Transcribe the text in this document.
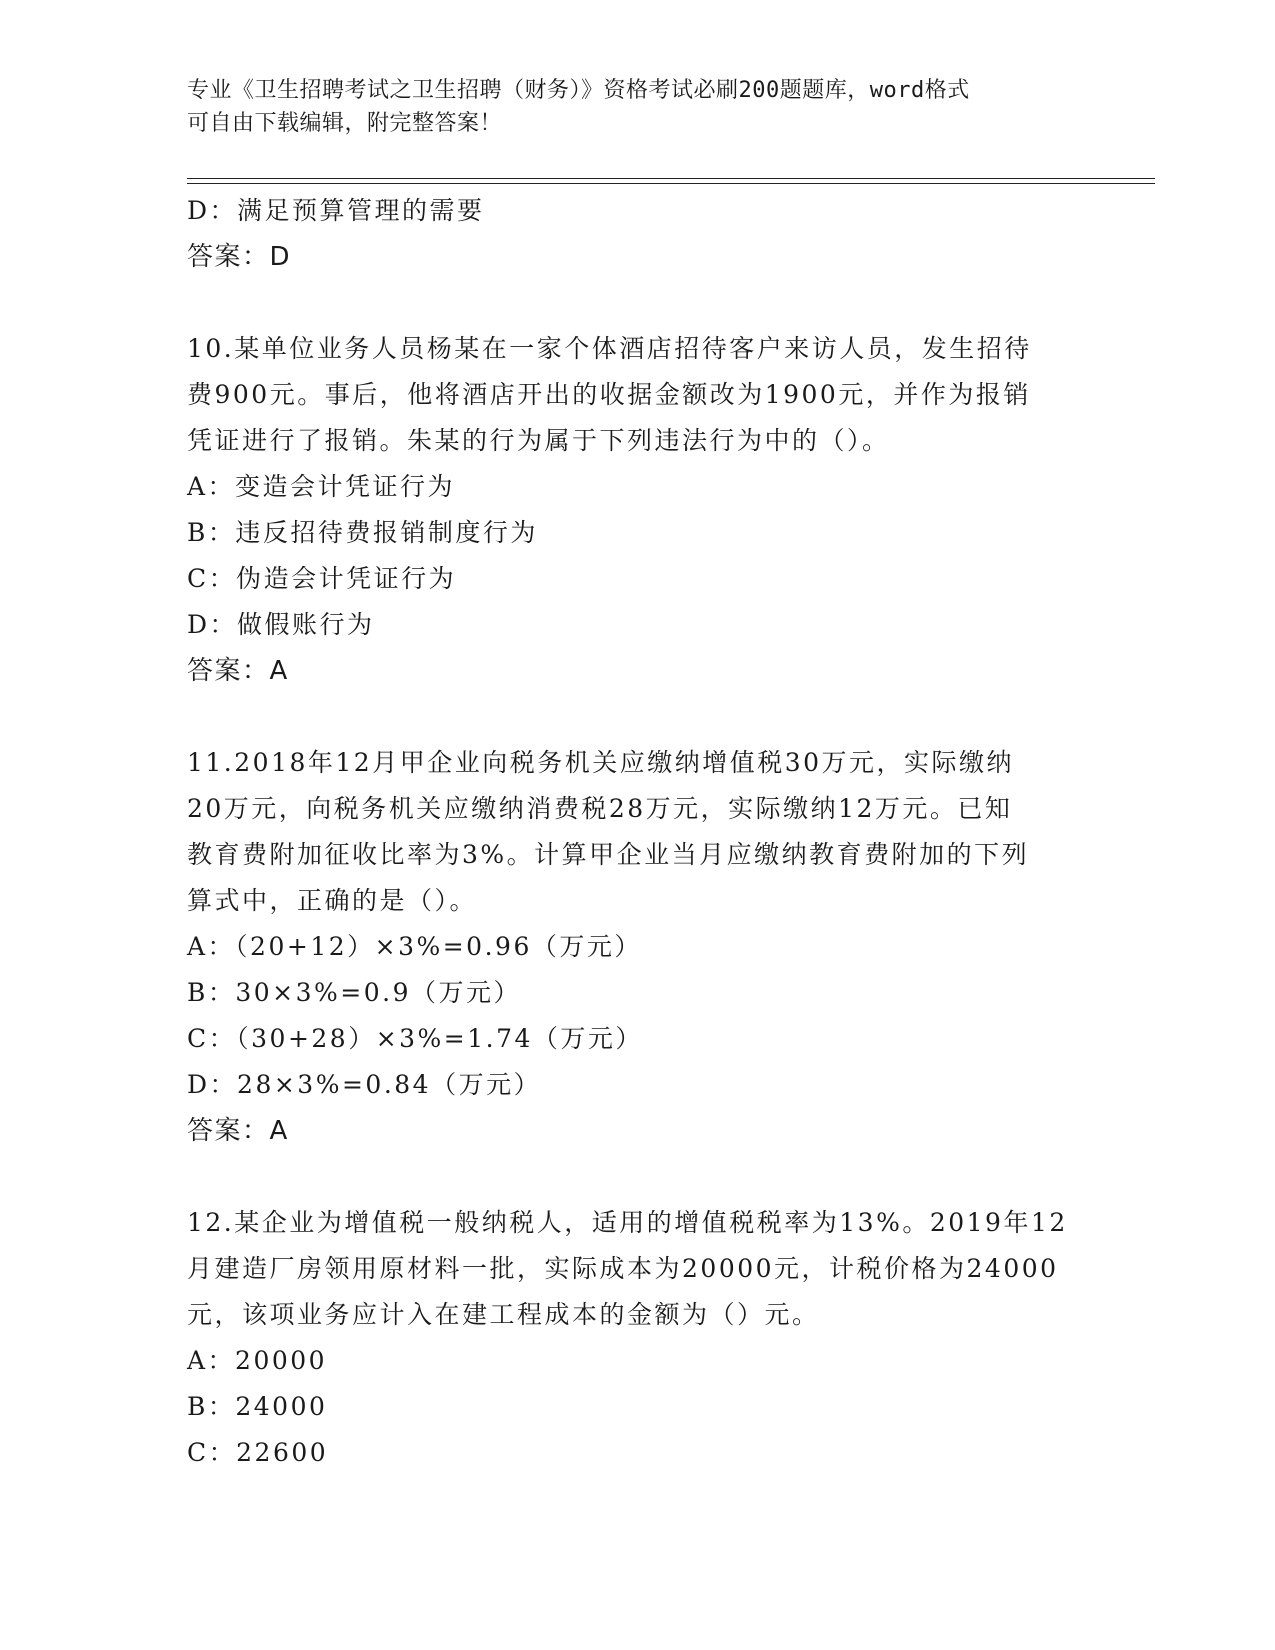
专业《卫生招聘考试之卫生招聘（财务）》资格考试必刷200题题库，word格式
可自由下载编辑，附完整答案！
D：满足预算管理的需要
答案：D
10.某单位业务人员杨某在一家个体酒店招待客户来访人员，发生招待
费900元。事后，他将酒店开出的收据金额改为1900元，并作为报销
凭证进行了报销。朱某的行为属于下列违法行为中的（）。
A：变造会计凭证行为
B：违反招待费报销制度行为
C：伪造会计凭证行为
D：做假账行为
答案：A
11.2018年12月甲企业向税务机关应缴纳增值税30万元，实际缴纳
20万元，向税务机关应缴纳消费税28万元，实际缴纳12万元。已知
教育费附加征收比率为3%。计算甲企业当月应缴纳教育费附加的下列
算式中，正确的是（）。
A：（20+12）×3%=0.96（万元）
B：30×3%=0.9（万元）
C：（30+28）×3%=1.74（万元）
D：28×3%=0.84（万元）
答案：A
12.某企业为增值税一般纳税人，适用的增值税税率为13%。2019年12
月建造厂房领用原材料一批，实际成本为20000元，计税价格为24000
元，该项业务应计入在建工程成本的金额为（）元。
A：20000
B：24000
C：22600
